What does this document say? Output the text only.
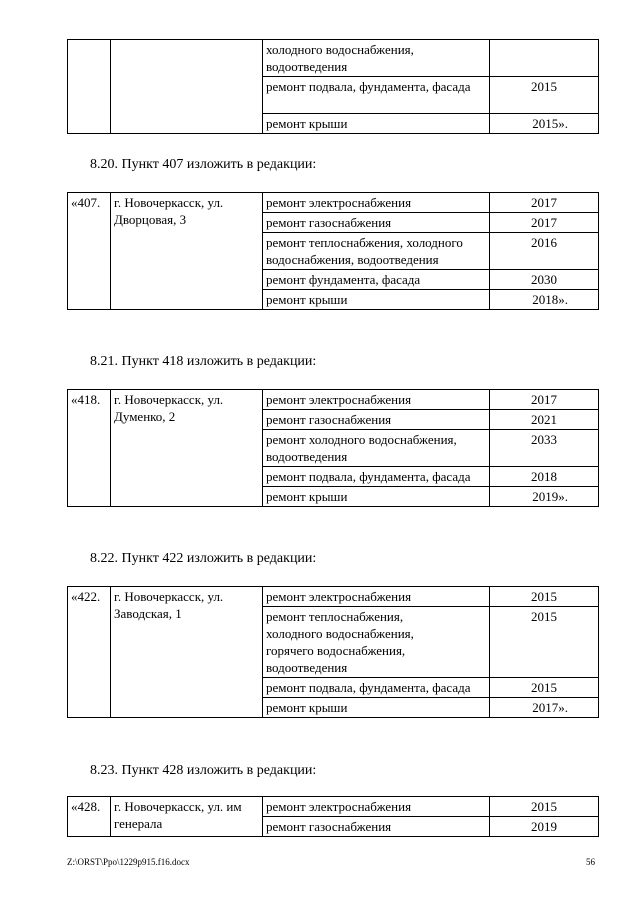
		холодного водоснабжения, водоотведения	
		ремонт подвала, фундамента, фасада	2015
		ремонт крыши	2015».
8.20. Пункт 407 изложить в редакции:
«407.	г. Новочеркасск, ул. Дворцовая, 3	ремонт электроснабжения	2017
		ремонт газоснабжения	2017
		ремонт теплоснабжения, холодного водоснабжения, водоотведения	2016
		ремонт фундамента, фасада	2030
		ремонт крыши	2018».
8.21. Пункт 418 изложить в редакции:
«418.	г. Новочеркасск, ул. Думенко, 2	ремонт электроснабжения	2017
		ремонт газоснабжения	2021
		ремонт холодного водоснабжения, водоотведения	2033
		ремонт подвала, фундамента, фасада	2018
		ремонт крыши	2019».
8.22. Пункт 422 изложить в редакции:
«422.	г. Новочеркасск, ул. Заводская, 1	ремонт электроснабжения	2015
		ремонт теплоснабжения, холодного водоснабжения, горячего водоснабжения, водоотведения	2015
		ремонт подвала, фундамента, фасада	2015
		ремонт крыши	2017».
8.23. Пункт 428 изложить в редакции:
«428.	г. Новочеркасск, ул. им генерала	ремонт электроснабжения	2015
		ремонт газоснабжения	2019
Z:\ORST\Ppo\1229p915.f16.docx	56
